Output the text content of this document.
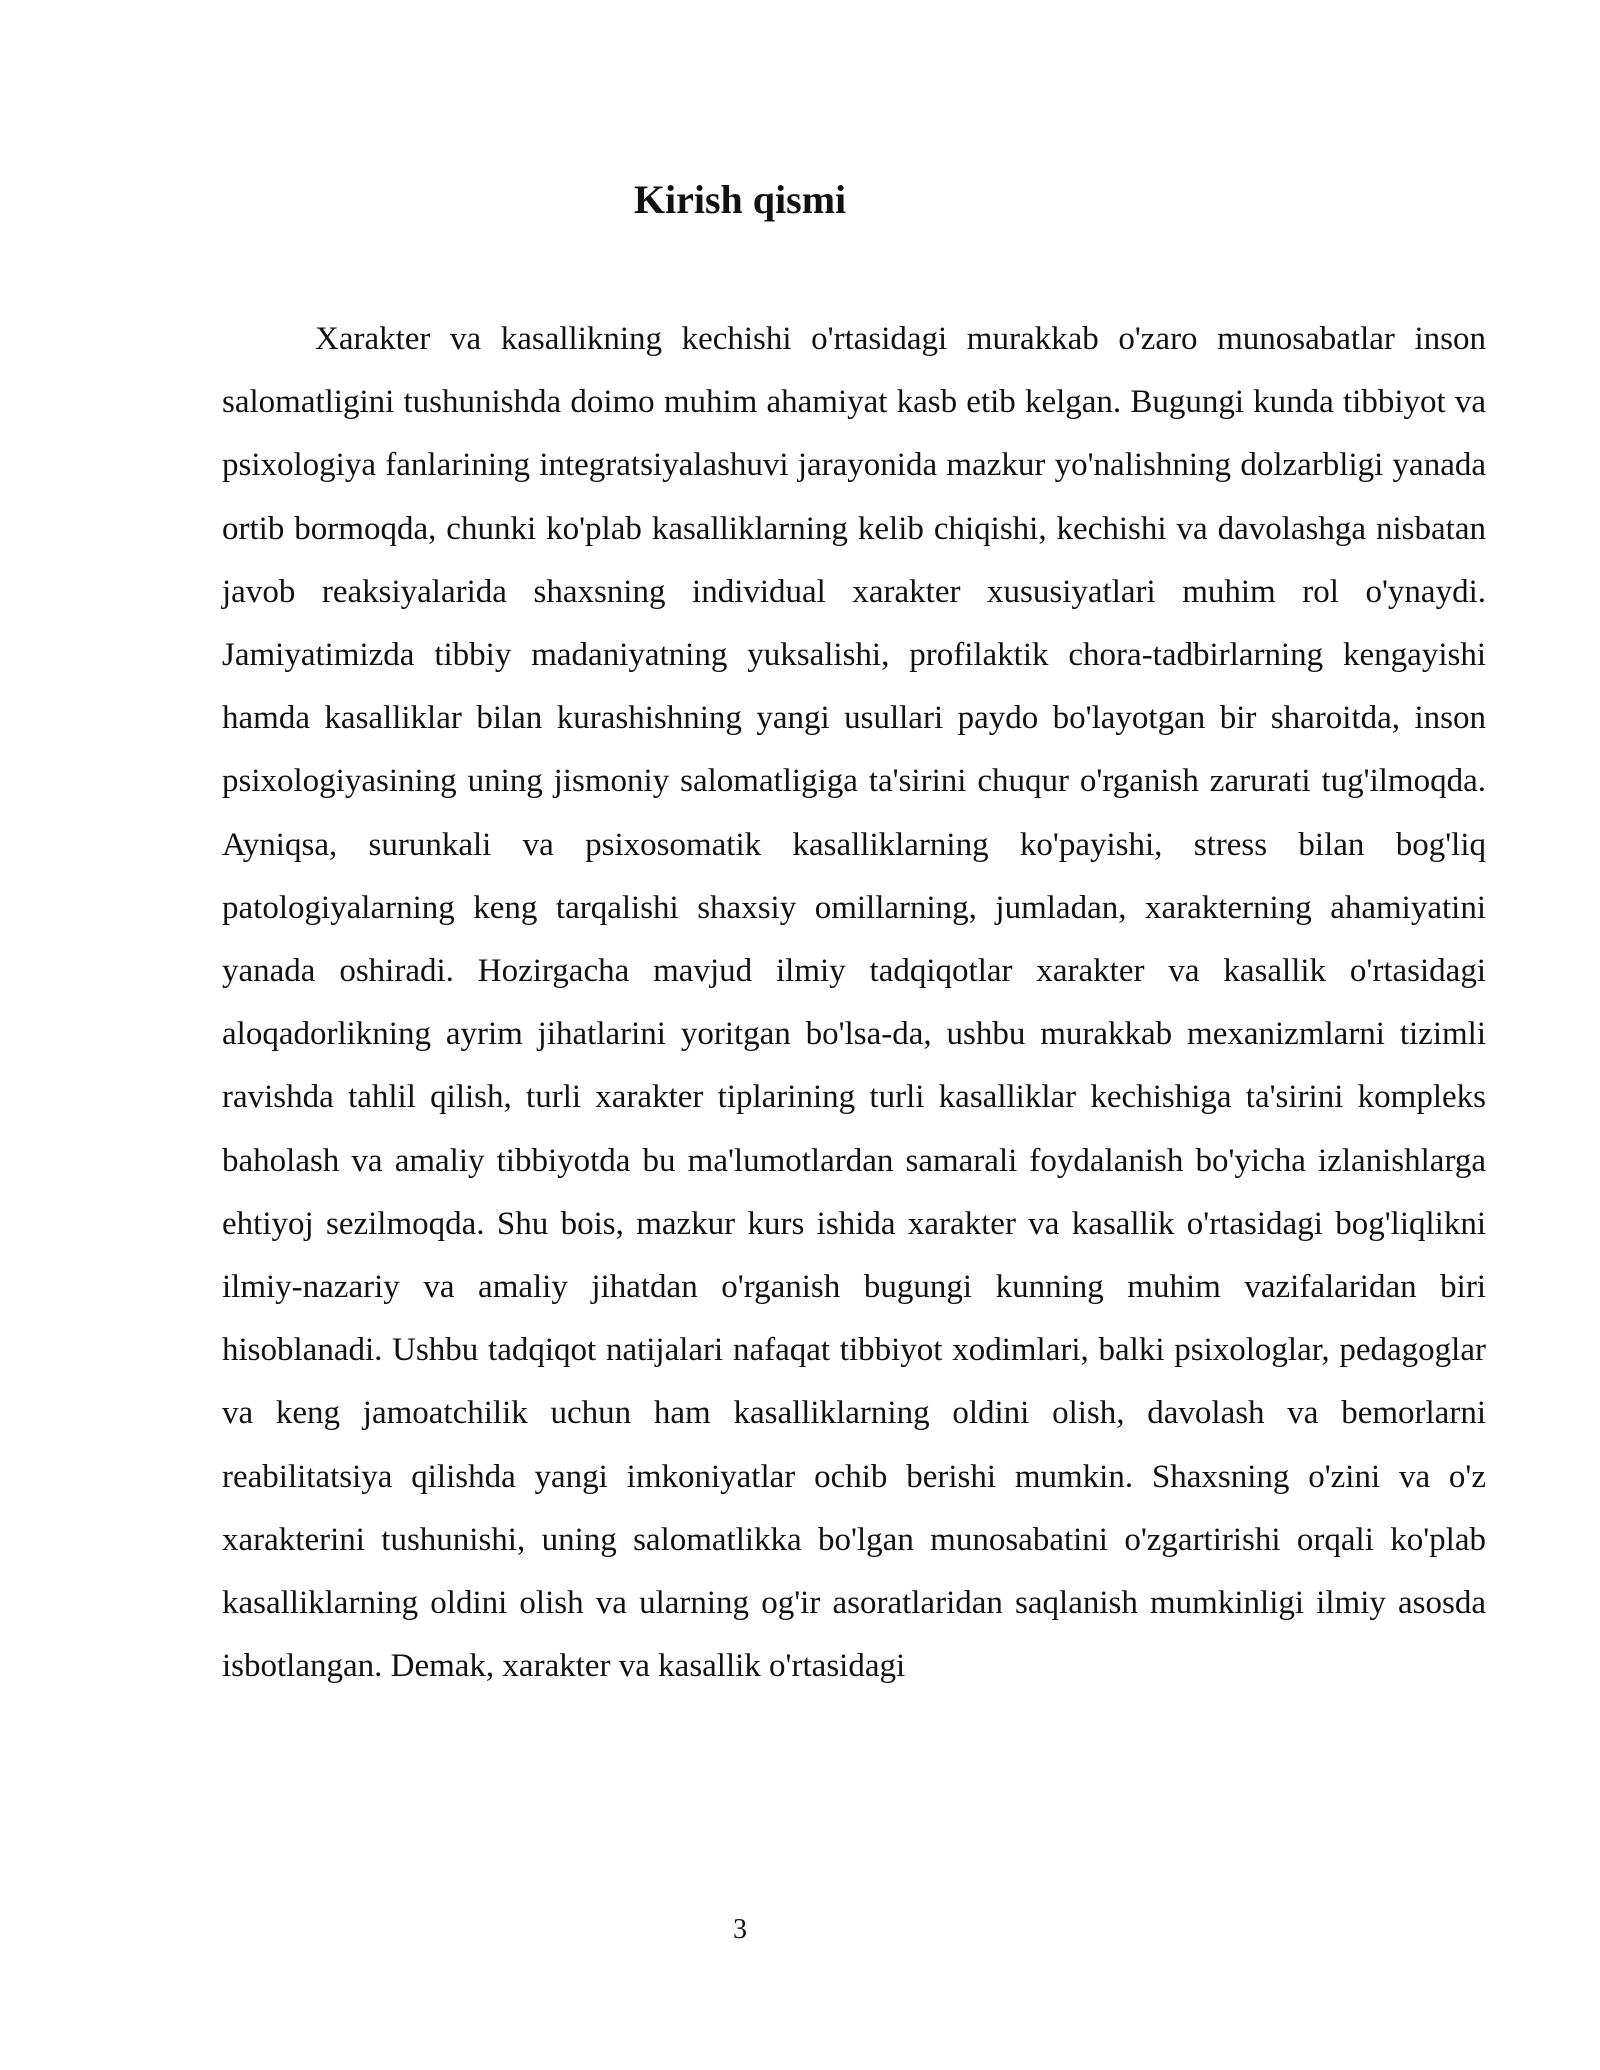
Kirish qismi

Xarakter va kasallikning kechishi o'rtasidagi murakkab o'zaro munosabatlar inson salomatligini tushunishda doimo muhim ahamiyat kasb etib kelgan. Bugungi kunda tibbiyot va psixologiya fanlarining integratsiyalashuvi jarayonida mazkur yo'nalishning dolzarbligi yanada ortib bormoqda, chunki ko'plab kasalliklarning kelib chiqishi, kechishi va davolashga nisbatan javob reaksiyalarida shaxsning individual xarakter xususiyatlari muhim rol o'ynaydi. Jamiyatimizda tibbiy madaniyatning yuksalishi, profilaktik chora-tadbirlarning kengayishi hamda kasalliklar bilan kurashishning yangi usullari paydo bo'layotgan bir sharoitda, inson psixologiyasining uning jismoniy salomatligiga ta'sirini chuqur o'rganish zarurati tug'ilmoqda. Ayniqsa, surunkali va psixosomatik kasalliklarning ko'payishi, stress bilan bog'liq patologiyalarning keng tarqalishi shaxsiy omillarning, jumladan, xarakterning ahamiyatini yanada oshiradi. Hozirgacha mavjud ilmiy tadqiqotlar xarakter va kasallik o'rtasidagi aloqadorlikning ayrim jihatlarini yoritgan bo'lsa-da, ushbu murakkab mexanizmlarni tizimli ravishda tahlil qilish, turli xarakter tiplarining turli kasalliklar kechishiga ta'sirini kompleks baholash va amaliy tibbiyotda bu ma'lumotlardan samarali foydalanish bo'yicha izlanishlarga ehtiyoj sezilmoqda. Shu bois, mazkur kurs ishida xarakter va kasallik o'rtasidagi bog'liqlikni ilmiy-nazariy va amaliy jihatdan o'rganish bugungi kunning muhim vazifalaridan biri hisoblanadi. Ushbu tadqiqot natijalari nafaqat tibbiyot xodimlari, balki psixologlar, pedagoglar va keng jamoatchilik uchun ham kasalliklarning oldini olish, davolash va bemorlarni reabilitatsiya qilishda yangi imkoniyatlar ochib berishi mumkin. Shaxsning o'zini va o'z xarakterini tushunishi, uning salomatlikka bo'lgan munosabatini o'zgartirishi orqali ko'plab kasalliklarning oldini olish va ularning og'ir asoratlaridan saqlanish mumkinligi ilmiy asosda isbotlangan. Demak, xarakter va kasallik o'rtasidagi

3
